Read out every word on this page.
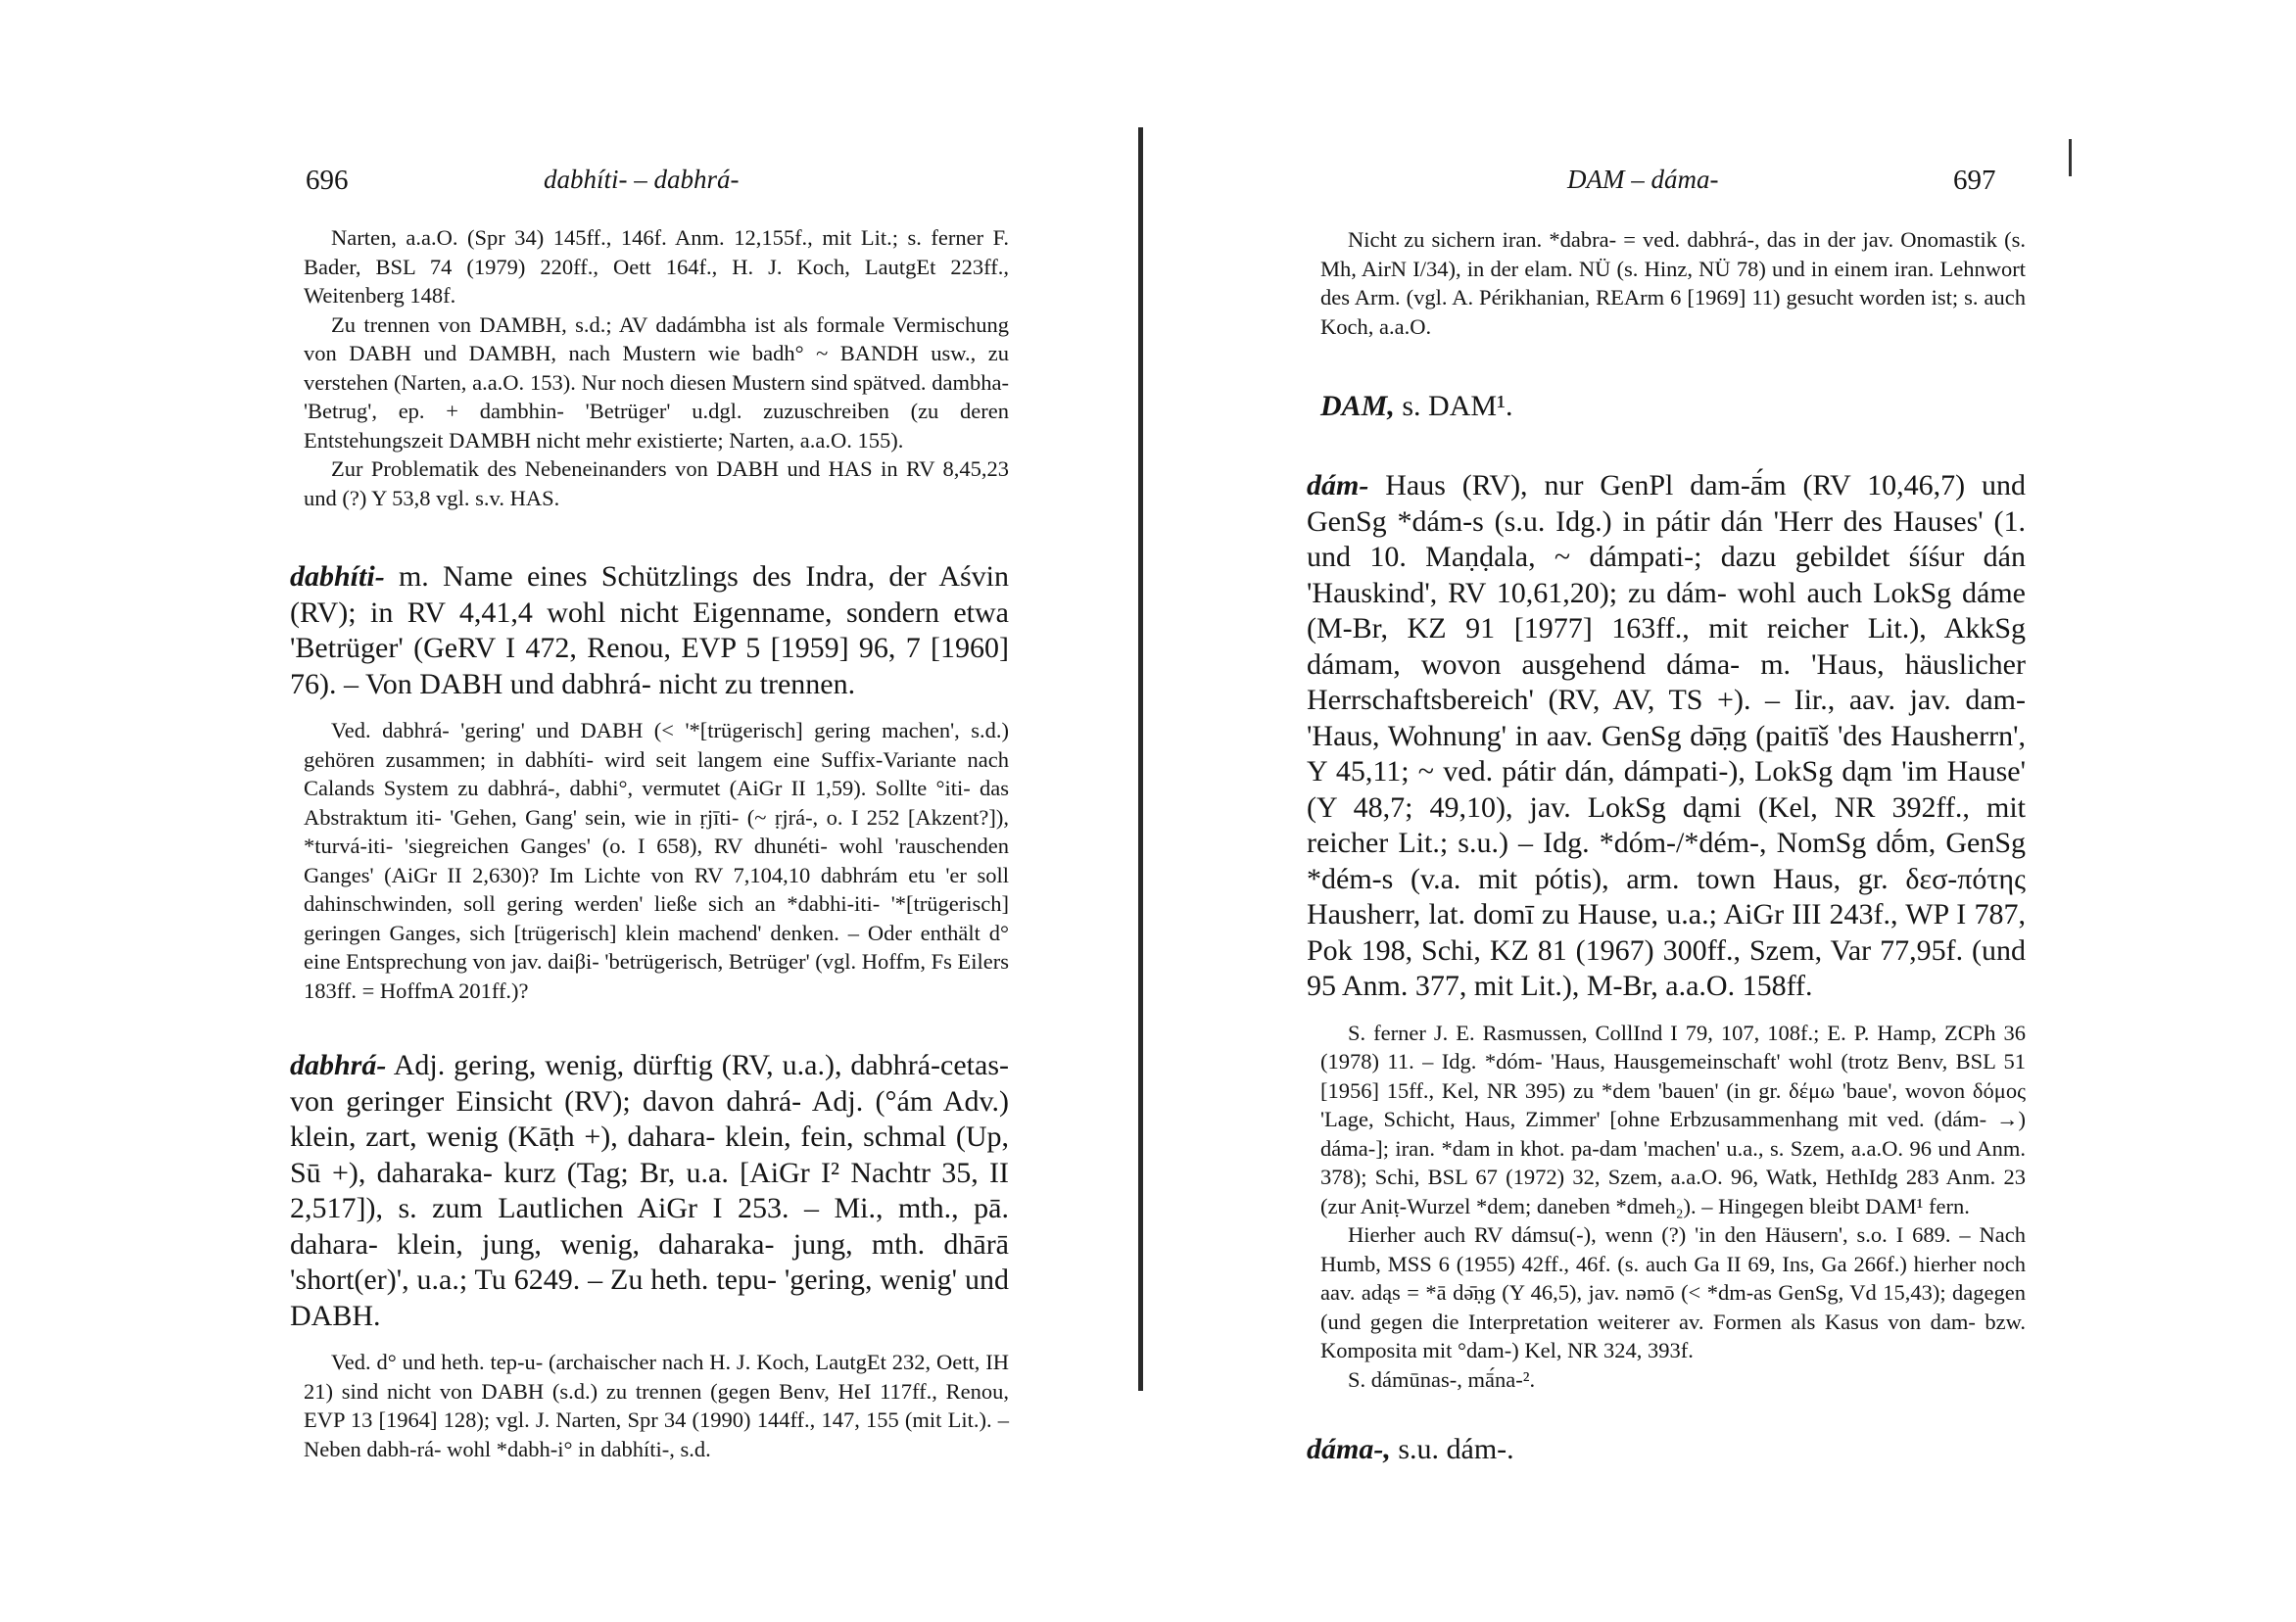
696	dabhíti- – dabhrá-

Narten, a.a.O. (Spr 34) 145ff., 146f. Anm. 12,155f., mit Lit.; s. ferner F. Bader, BSL 74 (1979) 220ff., Oett 164f., H. J. Koch, LautgEt 223ff., Weitenberg 148f.

Zu trennen von DAMBH, s.d.; AV dadámbha ist als formale Vermischung von DABH und DAMBH, nach Mustern wie badh° ~ BANDH usw., zu verstehen (Narten, a.a.O. 153). Nur noch diesen Mustern sind spätved. dambha- 'Betrug', ep. + dambhin- 'Betrüger' u.dgl. zuzuschreiben (zu deren Entstehungszeit DAMBH nicht mehr existierte; Narten, a.a.O. 155).

Zur Problematik des Nebeneinanders von DABH und HAS in RV 8,45,23 und (?) Y 53,8 vgl. s.v. HAS.

dabhíti- m. Name eines Schützlings des Indra, der Aśvin (RV); in RV 4,41,4 wohl nicht Eigenname, sondern etwa 'Betrüger' (GeRV I 472, Renou, EVP 5 [1959] 96, 7 [1960] 76). – Von DABH und dabhrá- nicht zu trennen.

Ved. dabhrá- 'gering' und DABH (< '*[trügerisch] gering machen', s.d.) gehören zusammen; in dabhíti- wird seit langem eine Suffix-Variante nach Calands System zu dabhrá-, dabhi°, vermutet (AiGr II 1,59). Sollte °iti- das Abstraktum iti- 'Gehen, Gang' sein, wie in ṛjīti- (~ ṛjrá-, o. I 252 [Akzent?]), *turvá-iti- 'siegreichen Ganges' (o. I 658), RV dhunéti- wohl 'rauschenden Ganges' (AiGr II 2,630)? Im Lichte von RV 7,104,10 dabhrám etu 'er soll dahinschwinden, soll gering werden' ließe sich an *dabhi-iti- '*[trügerisch] geringen Ganges, sich [trügerisch] klein machend' denken. – Oder enthält d° eine Entsprechung von jav. daiβi- 'betrügerisch, Betrüger' (vgl. Hoffm, Fs Eilers 183ff. = HoffmA 201ff.)?

dabhrá- Adj. gering, wenig, dürftig (RV, u.a.), dabhrá-cetas- von geringer Einsicht (RV); davon dahrá- Adj. (°ám Adv.) klein, zart, wenig (Kāṭh +), dahara- klein, fein, schmal (Up, Sū +), daharaka- kurz (Tag; Br, u.a. [AiGr I² Nachtr 35, II 2,517]), s. zum Lautlichen AiGr I 253. – Mi., mth., pā. dahara- klein, jung, wenig, daharaka- jung, mth. dhārā 'short(er)', u.a.; Tu 6249. – Zu heth. tepu- 'gering, wenig' und DABH.

Ved. d° und heth. tep-u- (archaischer nach H. J. Koch, LautgEt 232, Oett, IH 21) sind nicht von DABH (s.d.) zu trennen (gegen Benv, HeI 117ff., Renou, EVP 13 [1964] 128); vgl. J. Narten, Spr 34 (1990) 144ff., 147, 155 (mit Lit.). – Neben dabh-rá- wohl *dabh-i° in dabhíti-, s.d.

DAM – dáma-	697

Nicht zu sichern iran. *dabra- = ved. dabhrá-, das in der jav. Onomastik (s. Mh, AirN I/34), in der elam. NÜ (s. Hinz, NÜ 78) und in einem iran. Lehnwort des Arm. (vgl. A. Périkhanian, REArm 6 [1969] 11) gesucht worden ist; s. auch Koch, a.a.O.

DAM, s. DAM¹.

dám- Haus (RV), nur GenPl dam-ā́m (RV 10,46,7) und GenSg *dám-s (s.u. Idg.) in pátir dán 'Herr des Hauses' (1. und 10. Maṇḍala, ~ dámpati-; dazu gebildet śíśur dán 'Hauskind', RV 10,61,20); zu dám- wohl auch LokSg dáme (M-Br, KZ 91 [1977] 163ff., mit reicher Lit.), AkkSg dámam, wovon ausgehend dáma- m. 'Haus, häuslicher Herrschaftsbereich' (RV, AV, TS +). – Iir., aav. jav. dam- 'Haus, Wohnung' in aav. GenSg də̄ṇg (paitīš 'des Hausherrn', Y 45,11; ~ ved. pátir dán, dámpati-), LokSg dąm 'im Hause' (Y 48,7; 49,10), jav. LokSg dąmi (Kel, NR 392ff., mit reicher Lit.; s.u.) – Idg. *dóm-/*dém-, NomSg dṓm, GenSg *dém-s (v.a. mit pótis), arm. town Haus, gr. δεσ-πότης Hausherr, lat. domī zu Hause, u.a.; AiGr III 243f., WP I 787, Pok 198, Schi, KZ 81 (1967) 300ff., Szem, Var 77,95f. (und 95 Anm. 377, mit Lit.), M-Br, a.a.O. 158ff.

S. ferner J. E. Rasmussen, CollInd I 79, 107, 108f.; E. P. Hamp, ZCPh 36 (1978) 11. – Idg. *dóm- 'Haus, Hausgemeinschaft' wohl (trotz Benv, BSL 51 [1956] 15ff., Kel, NR 395) zu *dem 'bauen' (in gr. δέμω 'baue', wovon δόμος 'Lage, Schicht, Haus, Zimmer' [ohne Erbzusammenhang mit ved. (dám- →) dáma-]; iran. *dam in khot. pa-dam 'machen' u.a., s. Szem, a.a.O. 96 und Anm. 378); Schi, BSL 67 (1972) 32, Szem, a.a.O. 96, Watk, HethIdg 283 Anm. 23 (zur Aniṭ-Wurzel *dem; daneben *dmeh₂). – Hingegen bleibt DAM¹ fern.

Hierher auch RV dámsu(-), wenn (?) 'in den Häusern', s.o. I 689. – Nach Humb, MSS 6 (1955) 42ff., 46f. (s. auch Ga II 69, Ins, Ga 266f.) hierher noch aav. adąs = *ā də̄ṇg (Y 46,5), jav. nəmō (< *dm-as GenSg, Vd 15,43); dagegen (und gegen die Interpretation weiterer av. Formen als Kasus von dam- bzw. Komposita mit °dam-) Kel, NR 324, 393f.

S. dámūnas-, mā́na-².

dáma-, s.u. dám-.
